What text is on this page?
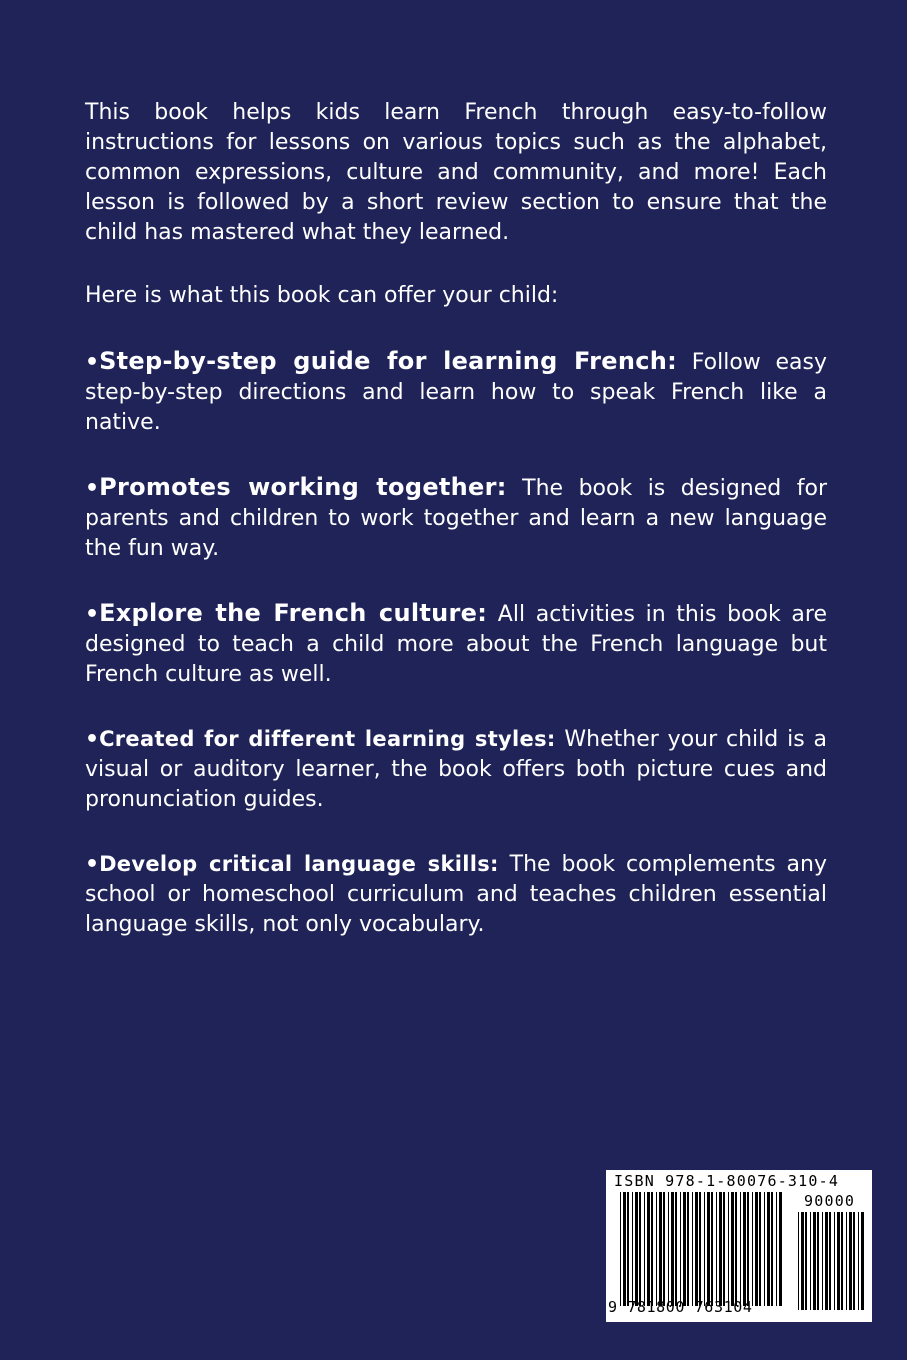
This book helps kids learn French through easy-to-follow instructions for lessons on various topics such as the alphabet, common expressions, culture and community, and more! Each lesson is followed by a short review section to ensure that the child has mastered what they learned.

Here is what this book can offer your child:

•Step-by-step guide for learning French: Follow easy step-by-step directions and learn how to speak French like a native.

•Promotes working together: The book is designed for parents and children to work together and learn a new language the fun way.

•Explore the French culture: All activities in this book are designed to teach a child more about the French language but French culture as well.

•Created for different learning styles: Whether your child is a visual or auditory learner, the book offers both picture cues and pronunciation guides.

•Develop critical language skills: The book complements any school or homeschool curriculum and teaches children essential language skills, not only vocabulary.

ISBN 978-1-80076-310-4
90000
9 781800 763104
